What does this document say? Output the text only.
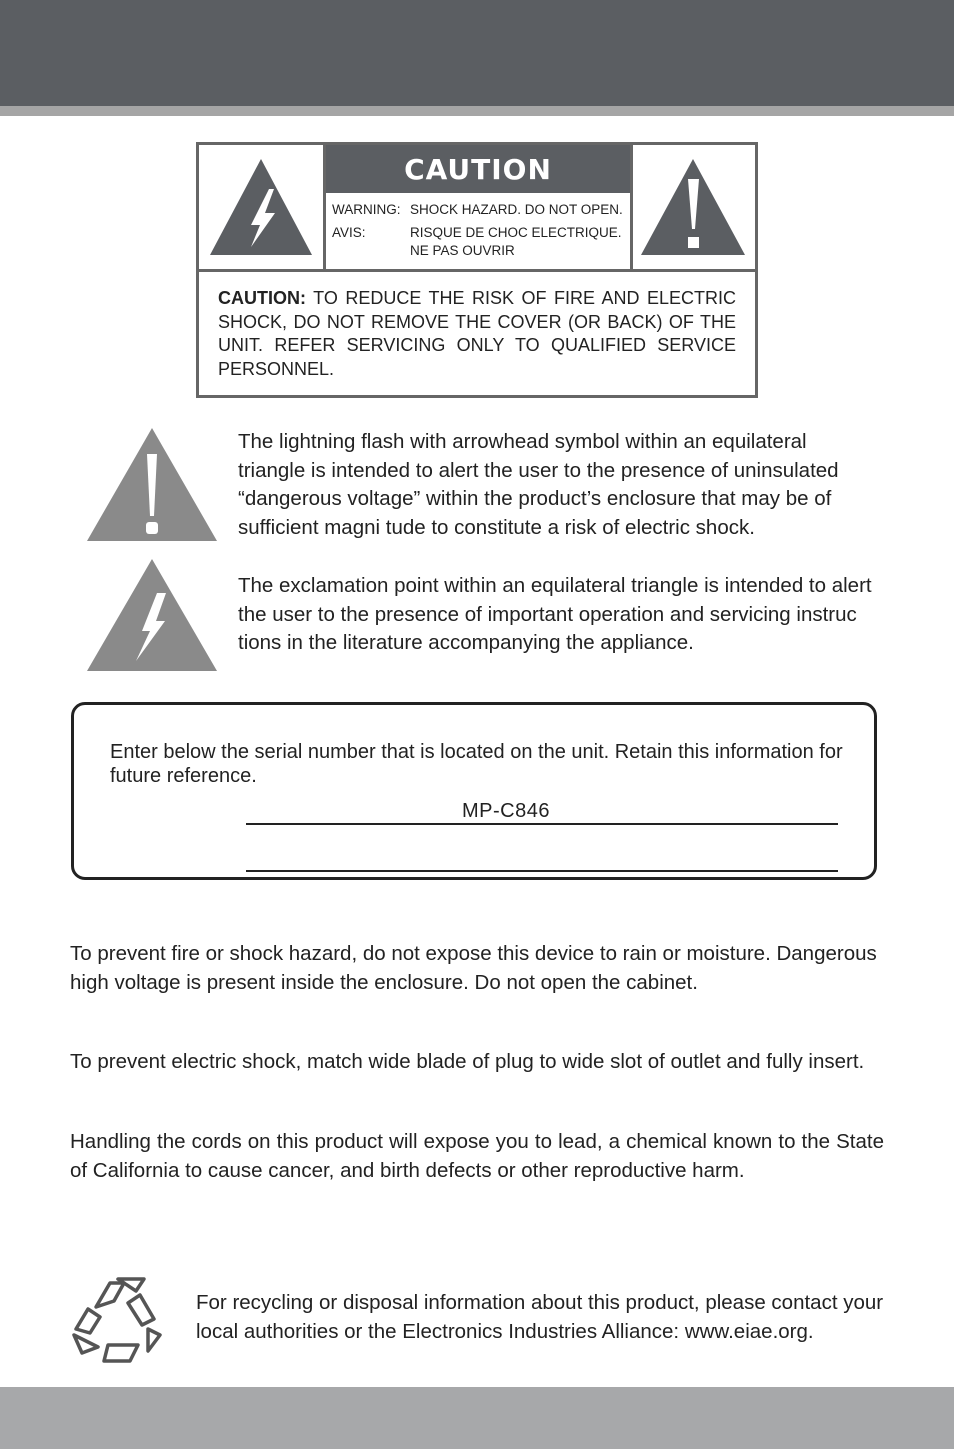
CAUTION
WARNING: SHOCK HAZARD. DO NOT OPEN.
AVIS:	RISQUE DE CHOC ELECTRIQUE.
NE PAS OUVRIR
CAUTION: TO REDUCE THE RISK OF FIRE AND ELECTRIC SHOCK, DO NOT REMOVE THE COVER (OR BACK) OF THE UNIT. REFER SERVICING ONLY TO QUALIFIED SERVICE PERSONNEL.
The lightning flash with arrowhead symbol within an equilateral triangle is intended to alert the user to the presence of uninsulated “dangerous voltage” within the product’s enclosure that may be of sufficient magni tude to constitute a risk of electric shock.
The exclamation point within an equilateral triangle is intended to alert the user to the presence of important operation and servicing instruc tions in the literature accompanying the appliance.
Enter below the serial number that is located on the unit. Retain this information for future reference.
MP-C846
To prevent fire or shock hazard, do not expose this device to rain or moisture. Dangerous high voltage is present inside the enclosure. Do not open the cabinet.
To prevent electric shock, match wide blade of plug to wide slot of outlet and fully insert.
Handling the cords on this product will expose you to lead, a chemical known to the State
of California to cause cancer, and birth defects or other reproductive harm.
For recycling or disposal information about this product, please contact your local authorities or the Electronics Industries Alliance: www.eiae.org.
